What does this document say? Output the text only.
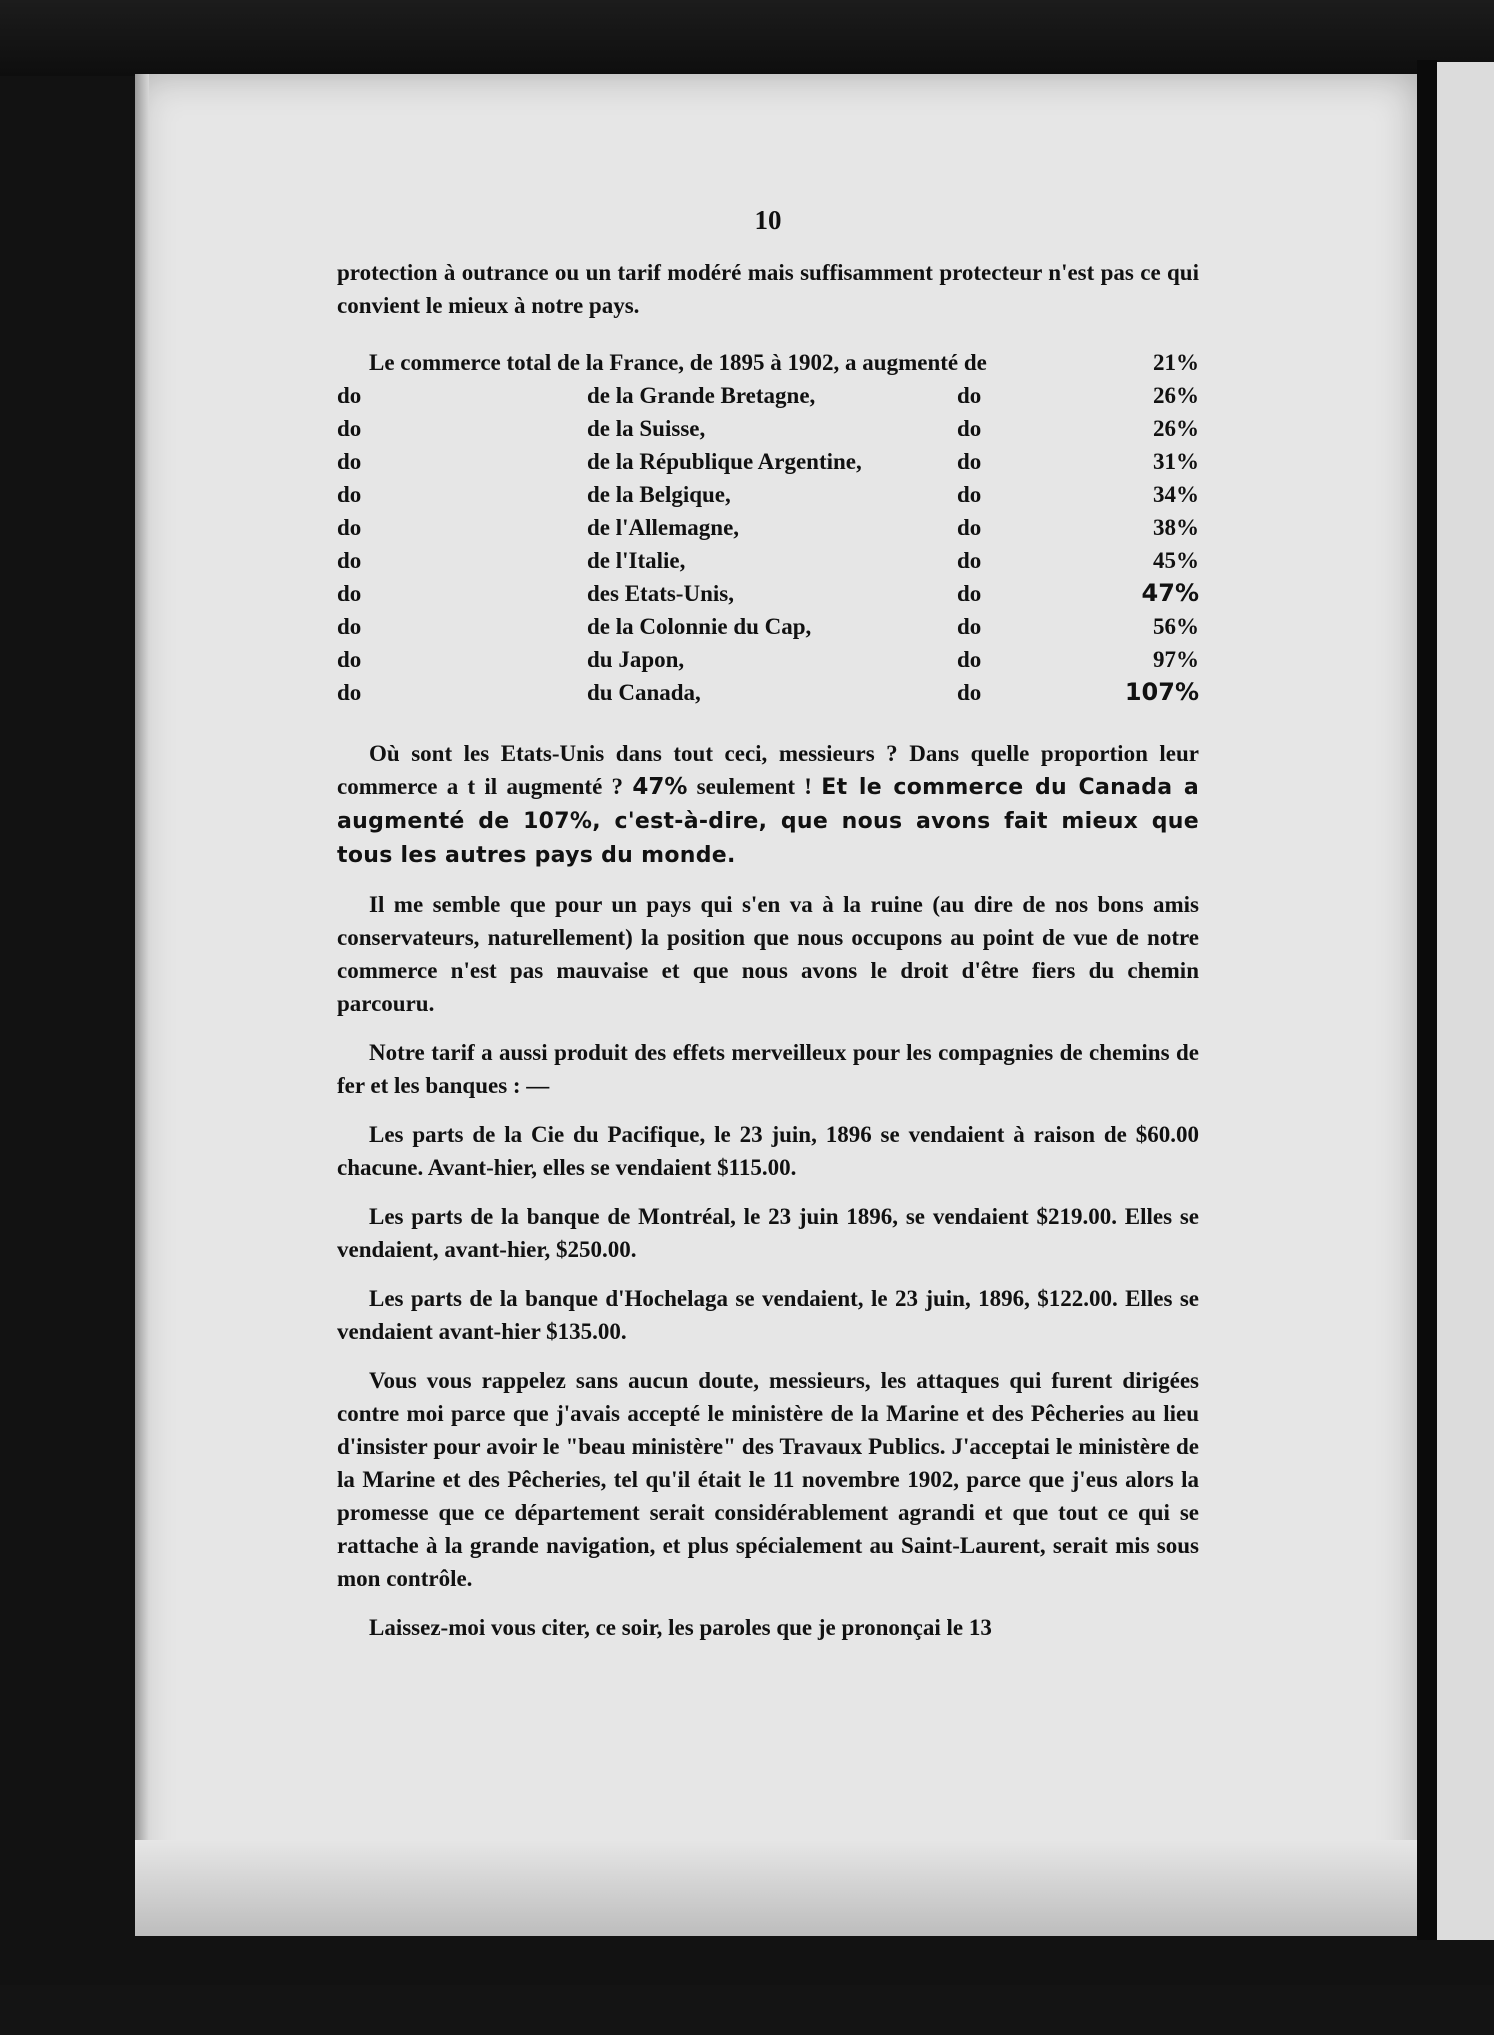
10

protection à outrance ou un tarif modéré mais suffisamment protecteur n'est pas ce qui convient le mieux à notre pays.

Le commerce total de la France, de 1895 à 1902, a augmenté de	21%
do	de la Grande Bretagne,	do	26%
do	de la Suisse,	do	26%
do	de la République Argentine,	do	31%
do	de la Belgique,	do	34%
do	de l'Allemagne,	do	38%
do	de l'Italie,	do	45%
do	des Etats-Unis,	do	47%
do	de la Colonnie du Cap,	do	56%
do	du Japon,	do	97%
do	du Canada,	do	107%

Où sont les Etats-Unis dans tout ceci, messieurs ? Dans quelle proportion leur commerce a t il augmenté ? 47% seulement ! Et le commerce du Canada a augmenté de 107%, c'est-à-dire, que nous avons fait mieux que tous les autres pays du monde.

Il me semble que pour un pays qui s'en va à la ruine (au dire de nos bons amis conservateurs, naturellement) la position que nous occupons au point de vue de notre commerce n'est pas mauvaise et que nous avons le droit d'être fiers du chemin parcouru.

Notre tarif a aussi produit des effets merveilleux pour les compagnies de chemins de fer et les banques : —

Les parts de la Cie du Pacifique, le 23 juin, 1896 se vendaient à raison de $60.00 chacune. Avant-hier, elles se vendaient $115.00.

Les parts de la banque de Montréal, le 23 juin 1896, se vendaient $219.00. Elles se vendaient, avant-hier, $250.00.

Les parts de la banque d'Hochelaga se vendaient, le 23 juin, 1896, $122.00. Elles se vendaient avant-hier $135.00.

Vous vous rappelez sans aucun doute, messieurs, les attaques qui furent dirigées contre moi parce que j'avais accepté le ministère de la Marine et des Pêcheries au lieu d'insister pour avoir le "beau ministère" des Travaux Publics. J'acceptai le ministère de la Marine et des Pêcheries, tel qu'il était le 11 novembre 1902, parce que j'eus alors la promesse que ce département serait considérablement agrandi et que tout ce qui se rattache à la grande navigation, et plus spécialement au Saint-Laurent, serait mis sous mon contrôle.

Laissez-moi vous citer, ce soir, les paroles que je prononçai le 13
